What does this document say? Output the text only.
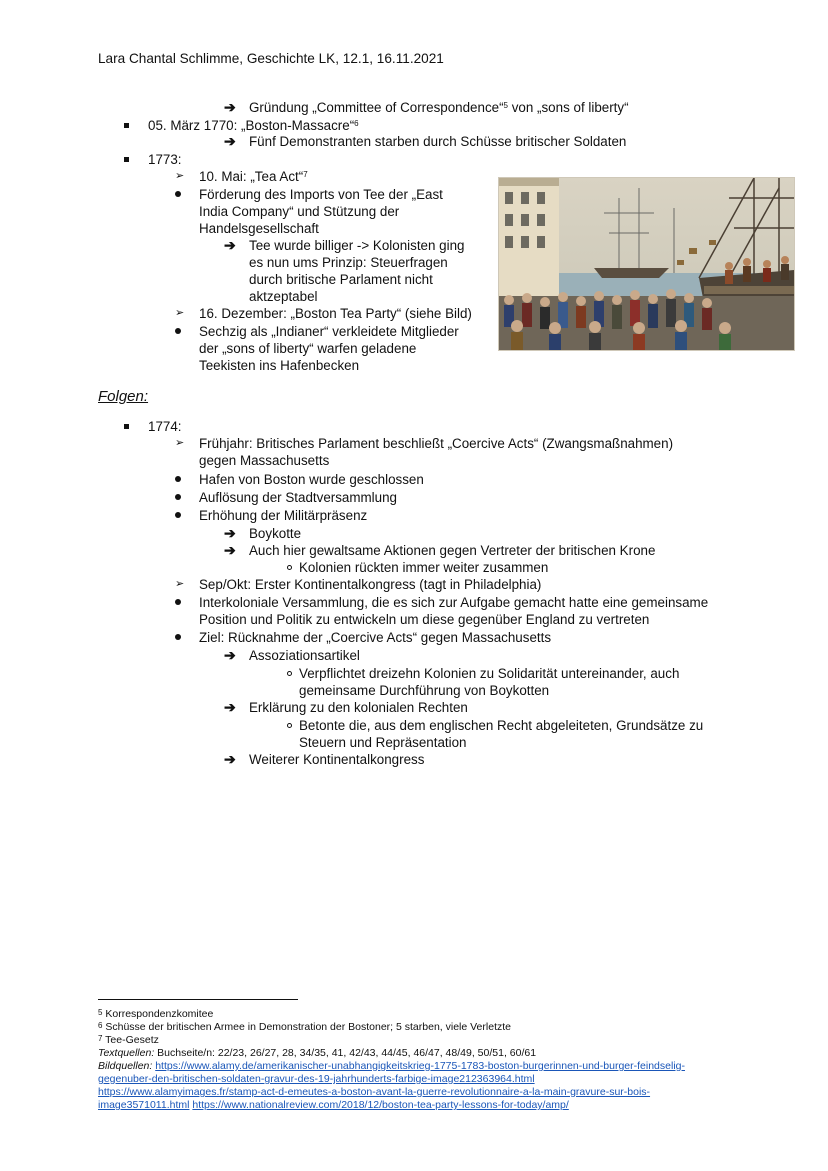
Lara Chantal Schlimme, Geschichte LK, 12.1, 16.11.2021
➔ Gründung „Committee of Correspondence“$^5$ von „sons of liberty“
05. März 1770: „Boston-Massacre“$^6$
➔ Fünf Demonstranten starben durch Schüsse britischer Soldaten
1773:
➢ 10. Mai: „Tea Act“$^7$
Förderung des Imports von Tee der „East
India Company“ und Stützung der
Handelsgesellschaft
➔ Tee wurde billiger -> Kolonisten ging
es nun ums Prinzip: Steuerfragen
durch britische Parlament nicht
aktzeptabel
➢ 16. Dezember: „Boston Tea Party“ (siehe Bild)
Sechzig als „Indianer“ verkleidete Mitglieder
der „sons of liberty“ warfen geladene
Teekisten ins Hafenbecken
Folgen:
1774:
➢ Frühjahr: Britisches Parlament beschließt „Coercive Acts“ (Zwangsmaßnahmen)
gegen Massachusetts
Hafen von Boston wurde geschlossen
Auflösung der Stadtversammlung
Erhöhung der Militärpräsenz
➔ Boykotte
➔ Auch hier gewaltsame Aktionen gegen Vertreter der britischen Krone
Kolonien rückten immer weiter zusammen
➢ Sep/Okt: Erster Kontinentalkongress (tagt in Philadelphia)
Interkoloniale Versammlung, die es sich zur Aufgabe gemacht hatte eine gemeinsame
Position und Politik zu entwickeln um diese gegenüber England zu vertreten
Ziel: Rücknahme der „Coercive Acts“ gegen Massachusetts
➔ Assoziationsartikel
Verpflichtet dreizehn Kolonien zu Solidarität untereinander, auch
gemeinsame Durchführung von Boykotten
➔ Erklärung zu den kolonialen Rechten
Betonte die, aus dem englischen Recht abgeleiteten, Grundsätze zu
Steuern und Repräsentation
➔ Weiterer Kontinentalkongress
$^5$ Korrespondenzkomitee
$^6$ Schüsse der britischen Armee in Demonstration der Bostoner; 5 starben, viele Verletzte
$^7$ Tee-Gesetz
Textquellen: Buchseite/n: 22/23, 26/27, 28, 34/35, 41, 42/43, 44/45, 46/47, 48/49, 50/51, 60/61
Bildquellen: https://www.alamy.de/amerikanischer-unabhangigkeitskrieg-1775-1783-boston-burgerinnen-und-burger-feindselig-
gegenuber-den-britischen-soldaten-gravur-des-19-jahrhunderts-farbige-image212363964.html
https://www.alamyimages.fr/stamp-act-d-emeutes-a-boston-avant-la-guerre-revolutionnaire-a-la-main-gravure-sur-bois-
image3571011.html https://www.nationalreview.com/2018/12/boston-tea-party-lessons-for-today/amp/
